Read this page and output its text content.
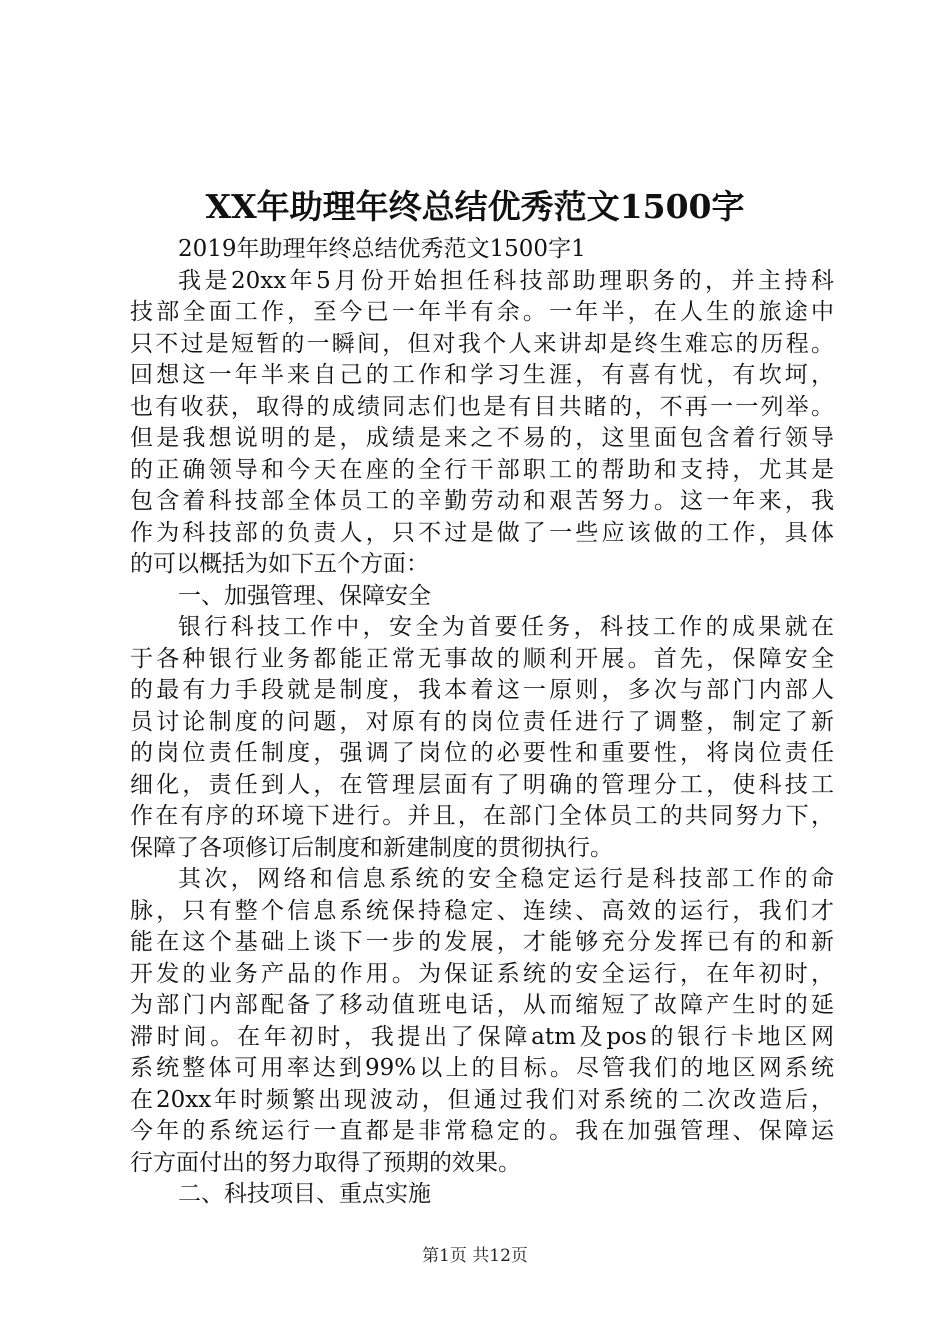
XX年助理年终总结优秀范文1500字
2019年助理年终总结优秀范文1500字1
我是20xx年5月份开始担任科技部助理职务的，并主持科
技部全面工作，至今已一年半有余。一年半，在人生的旅途中
只不过是短暂的一瞬间，但对我个人来讲却是终生难忘的历程。
回想这一年半来自己的工作和学习生涯，有喜有忧，有坎坷，
也有收获，取得的成绩同志们也是有目共睹的，不再一一列举。
但是我想说明的是，成绩是来之不易的，这里面包含着行领导
的正确领导和今天在座的全行干部职工的帮助和支持，尤其是
包含着科技部全体员工的辛勤劳动和艰苦努力。这一年来，我
作为科技部的负责人，只不过是做了一些应该做的工作，具体
的可以概括为如下五个方面：
一、加强管理、保障安全
银行科技工作中，安全为首要任务，科技工作的成果就在
于各种银行业务都能正常无事故的顺利开展。首先，保障安全
的最有力手段就是制度，我本着这一原则，多次与部门内部人
员讨论制度的问题，对原有的岗位责任进行了调整，制定了新
的岗位责任制度，强调了岗位的必要性和重要性，将岗位责任
细化，责任到人，在管理层面有了明确的管理分工，使科技工
作在有序的环境下进行。并且，在部门全体员工的共同努力下，
保障了各项修订后制度和新建制度的贯彻执行。
其次，网络和信息系统的安全稳定运行是科技部工作的命
脉，只有整个信息系统保持稳定、连续、高效的运行，我们才
能在这个基础上谈下一步的发展，才能够充分发挥已有的和新
开发的业务产品的作用。为保证系统的安全运行，在年初时，
为部门内部配备了移动值班电话，从而缩短了故障产生时的延
滞时间。在年初时，我提出了保障atm及pos的银行卡地区网
系统整体可用率达到99%以上的目标。尽管我们的地区网系统
在20xx年时频繁出现波动，但通过我们对系统的二次改造后，
今年的系统运行一直都是非常稳定的。我在加强管理、保障运
行方面付出的努力取得了预期的效果。
二、科技项目、重点实施
第1页 共12页
